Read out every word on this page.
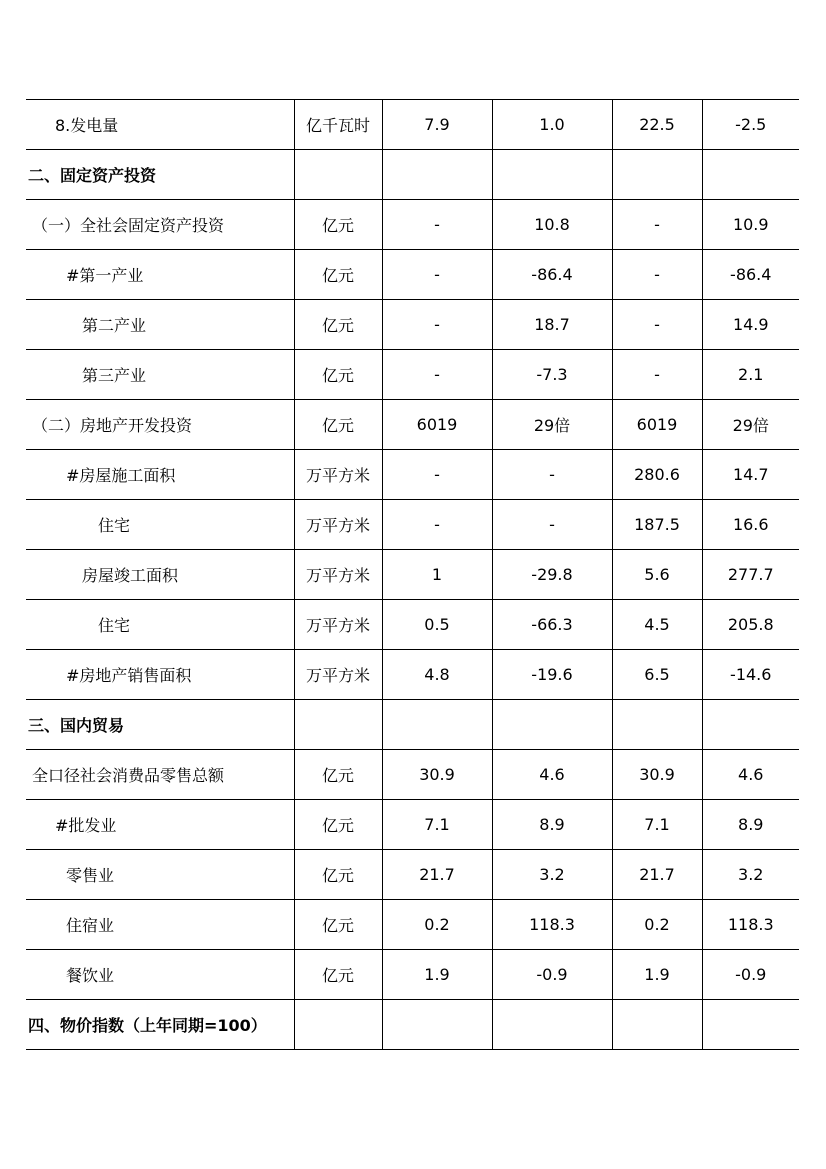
8.发电量	亿千瓦时	7.9	1.0	22.5	-2.5
二、固定资产投资					
（一）全社会固定资产投资	亿元	-	10.8	-	10.9
#第一产业	亿元	-	-86.4	-	-86.4
第二产业	亿元	-	18.7	-	14.9
第三产业	亿元	-	-7.3	-	2.1
（二）房地产开发投资	亿元	6019	29倍	6019	29倍
#房屋施工面积	万平方米	-	-	280.6	14.7
住宅	万平方米	-	-	187.5	16.6
房屋竣工面积	万平方米	1	-29.8	5.6	277.7
住宅	万平方米	0.5	-66.3	4.5	205.8
#房地产销售面积	万平方米	4.8	-19.6	6.5	-14.6
三、国内贸易					
全口径社会消费品零售总额	亿元	30.9	4.6	30.9	4.6
#批发业	亿元	7.1	8.9	7.1	8.9
零售业	亿元	21.7	3.2	21.7	3.2
住宿业	亿元	0.2	118.3	0.2	118.3
餐饮业	亿元	1.9	-0.9	1.9	-0.9
四、物价指数（上年同期=100）					
